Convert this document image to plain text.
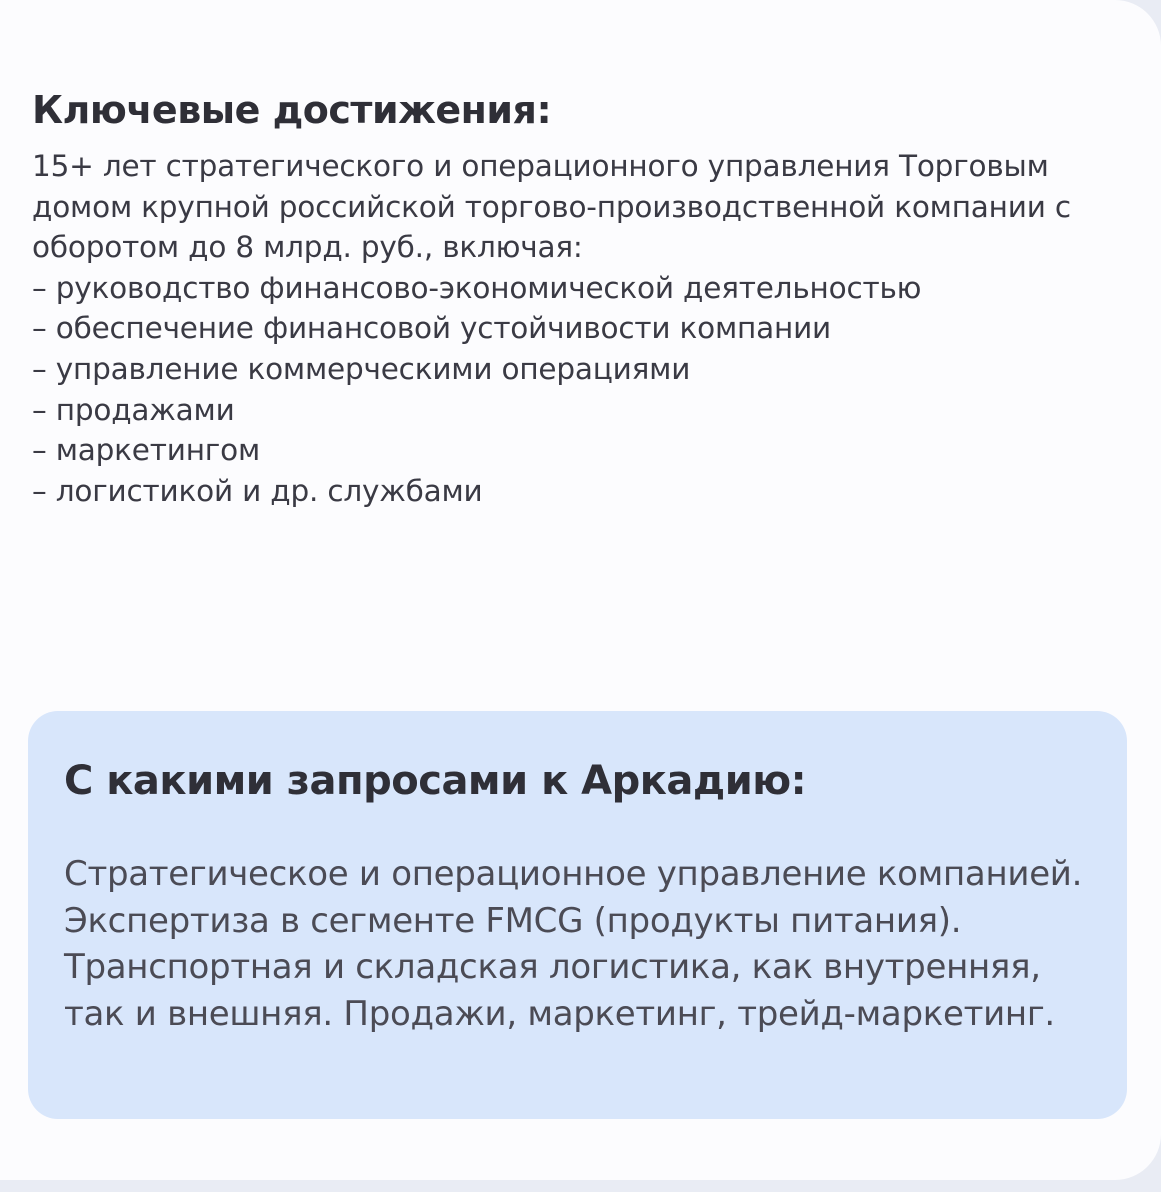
Ключевые достижения:

15+ лет стратегического и операционного управления Торговым домом крупной российской торгово-производственной компании с оборотом до 8 млрд. руб., включая:

– руководство финансово-экономической деятельностью
– обеспечение финансовой устойчивости компании
– управление коммерческими операциями
– продажами
– маркетингом
– логистикой и др. службами
С какими запросами к Аркадию:

Стратегическое и операционное управление компанией. Экспертиза в сегменте FMCG (продукты питания). Транспортная и складская логистика, как внутренняя, так и внешняя. Продажи, маркетинг, трейд-маркетинг.
